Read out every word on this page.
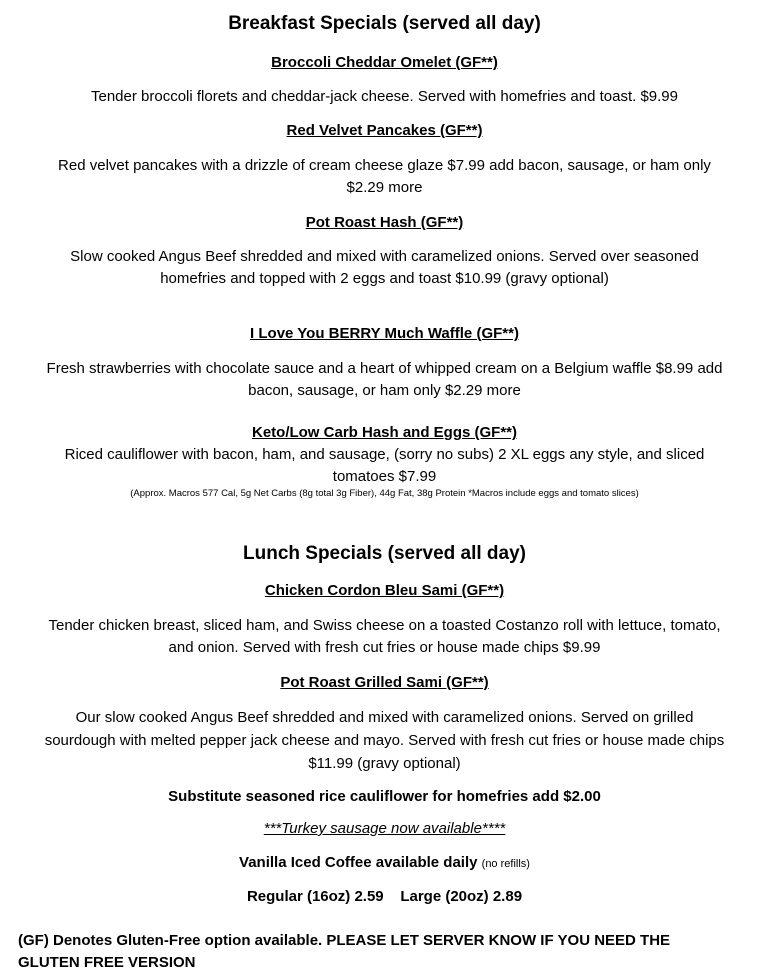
Breakfast Specials (served all day)
Broccoli Cheddar Omelet (GF**)
Tender broccoli florets and cheddar-jack cheese. Served with homefries and toast. $9.99
Red Velvet Pancakes (GF**)
Red velvet pancakes with a drizzle of cream cheese glaze $7.99 add bacon, sausage, or ham only
$2.29 more
Pot Roast Hash (GF**)
Slow cooked Angus Beef shredded and mixed with caramelized onions. Served over seasoned
homefries and topped with 2 eggs and toast $10.99 (gravy optional)
I Love You BERRY Much Waffle (GF**)
Fresh strawberries with chocolate sauce and a heart of whipped cream on a Belgium waffle $8.99 add
bacon, sausage, or ham only $2.29 more
Keto/Low Carb Hash and Eggs (GF**)
Riced cauliflower with bacon, ham, and sausage, (sorry no subs) 2 XL eggs any style, and sliced
tomatoes $7.99
(Approx. Macros 577 Cal, 5g Net Carbs (8g total 3g Fiber), 44g Fat, 38g Protein *Macros include eggs and tomato slices)
Lunch Specials (served all day)
Chicken Cordon Bleu Sami (GF**)
Tender chicken breast, sliced ham, and Swiss cheese on a toasted Costanzo roll with lettuce, tomato,
and onion. Served with fresh cut fries or house made chips $9.99
Pot Roast Grilled Sami (GF**)
Our slow cooked Angus Beef shredded and mixed with caramelized onions. Served on grilled
sourdough with melted pepper jack cheese and mayo. Served with fresh cut fries or house made chips
$11.99 (gravy optional)
Substitute seasoned rice cauliflower for homefries add $2.00
***Turkey sausage now available****
Vanilla Iced Coffee available daily (no refills)
Regular (16oz) 2.59    Large (20oz) 2.89
(GF) Denotes Gluten-Free option available. PLEASE LET SERVER KNOW IF YOU NEED THE
GLUTEN FREE VERSION
